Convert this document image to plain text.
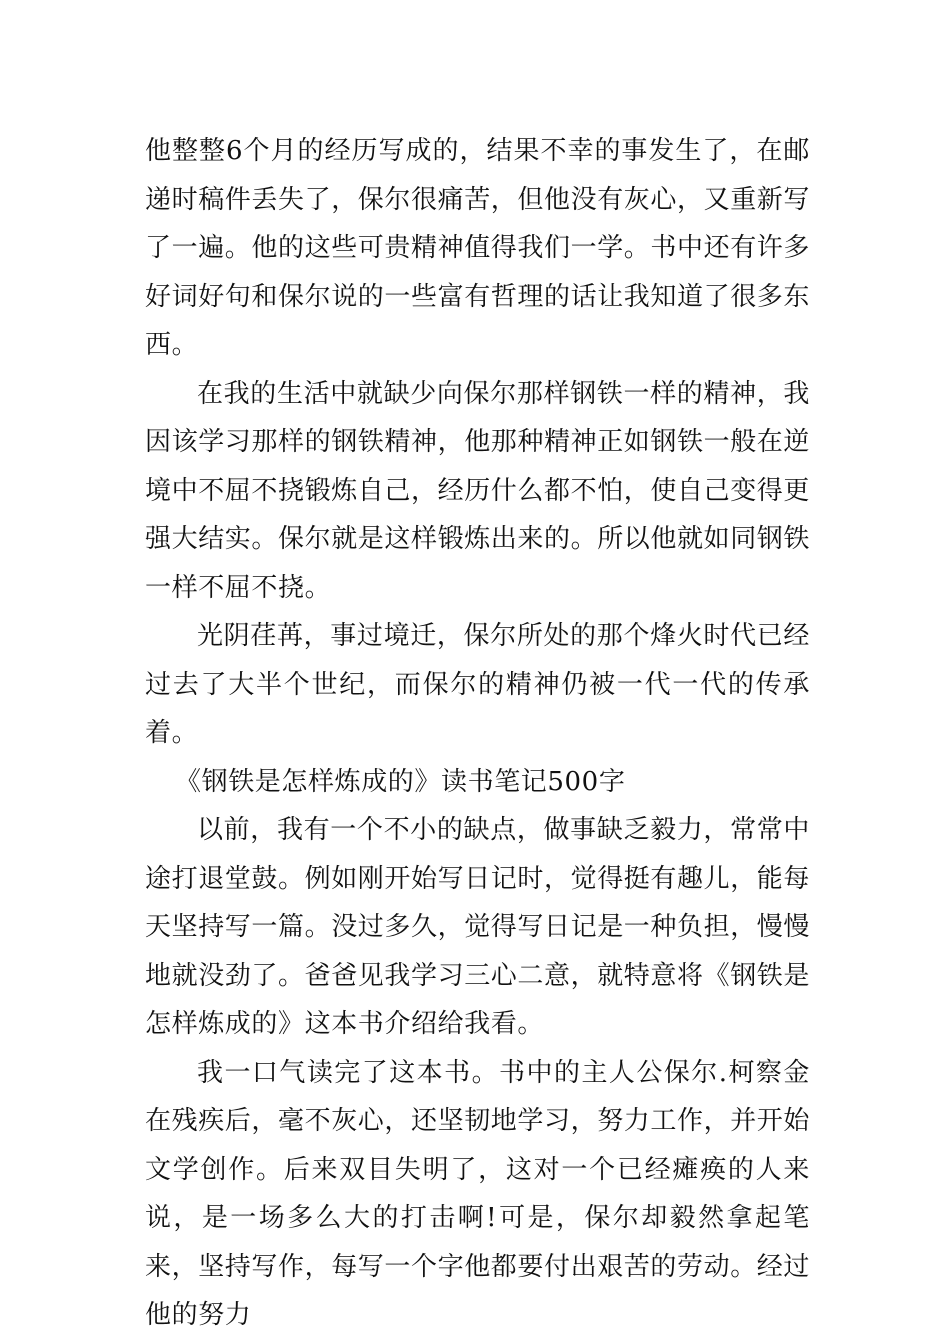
他整整6个月的经历写成的，结果不幸的事发生了，在邮递时稿件丢失了，保尔很痛苦，但他没有灰心，又重新写了一遍。他的这些可贵精神值得我们一学。书中还有许多好词好句和保尔说的一些富有哲理的话让我知道了很多东西。

在我的生活中就缺少向保尔那样钢铁一样的精神，我因该学习那样的钢铁精神，他那种精神正如钢铁一般在逆境中不屈不挠锻炼自己，经历什么都不怕，使自己变得更强大结实。保尔就是这样锻炼出来的。所以他就如同钢铁一样不屈不挠。

光阴荏苒，事过境迁，保尔所处的那个烽火时代已经过去了大半个世纪，而保尔的精神仍被一代一代的传承着。

《钢铁是怎样炼成的》读书笔记500字

以前，我有一个不小的缺点，做事缺乏毅力，常常中途打退堂鼓。例如刚开始写日记时，觉得挺有趣儿，能每天坚持写一篇。没过多久，觉得写日记是一种负担，慢慢地就没劲了。爸爸见我学习三心二意，就特意将《钢铁是怎样炼成的》这本书介绍给我看。

我一口气读完了这本书。书中的主人公保尔.柯察金在残疾后，毫不灰心，还坚韧地学习，努力工作，并开始文学创作。后来双目失明了，这对一个已经瘫痪的人来说，是一场多么大的打击啊!可是，保尔却毅然拿起笔来，坚持写作，每写一个字他都要付出艰苦的劳动。经过他的努力
